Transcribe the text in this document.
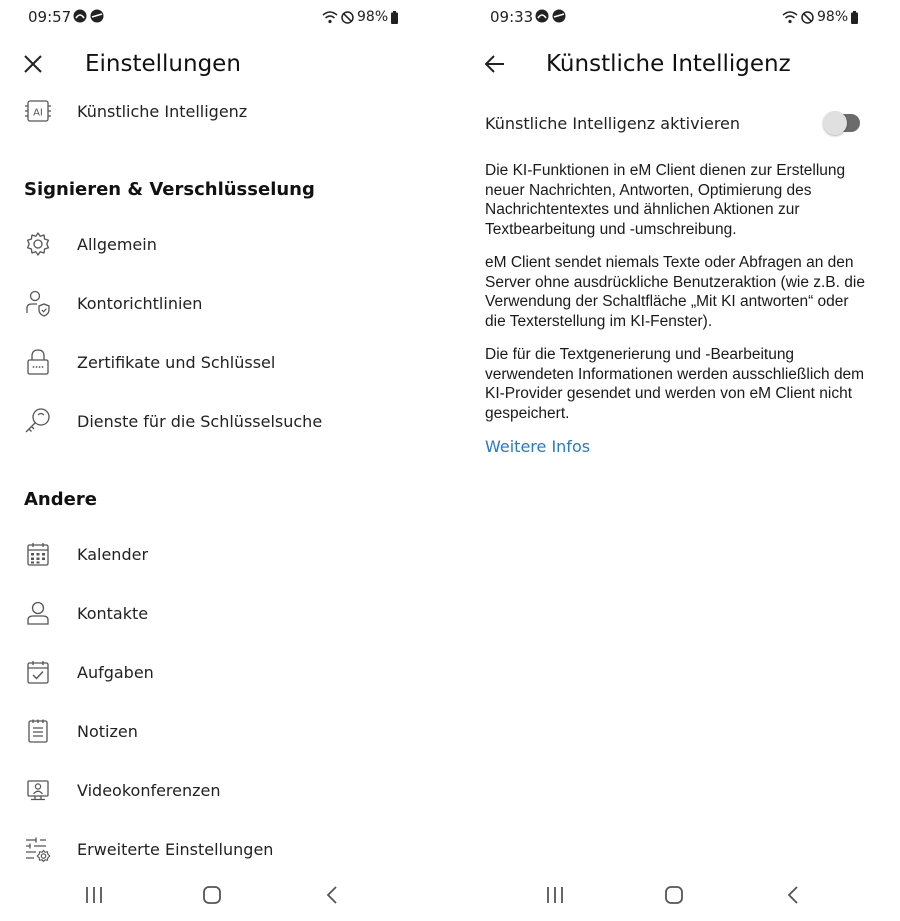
09:57	98%
Einstellungen
AI Künstliche Intelligenz
Signieren & Verschlüsselung
Allgemein
Kontorichtlinien
Zertifikate und Schlüssel
Dienste für die Schlüsselsuche
Andere
Kalender
Kontakte
Aufgaben
Notizen
Videokonferenzen
Erweiterte Einstellungen
09:33	98%
Künstliche Intelligenz
Künstliche Intelligenz aktivieren
Die KI-Funktionen in eM Client dienen zur Erstellung neuer Nachrichten, Antworten, Optimierung des Nachrichtentextes und ähnlichen Aktionen zur Textbearbeitung und -umschreibung.
eM Client sendet niemals Texte oder Abfragen an den Server ohne ausdrückliche Benutzeraktion (wie z.B. die Verwendung der Schaltfläche „Mit KI antworten“ oder die Texterstellung im KI-Fenster).
Die für die Textgenerierung und -Bearbeitung verwendeten Informationen werden ausschließlich dem KI-Provider gesendet und werden von eM Client nicht gespeichert.
Weitere Infos
